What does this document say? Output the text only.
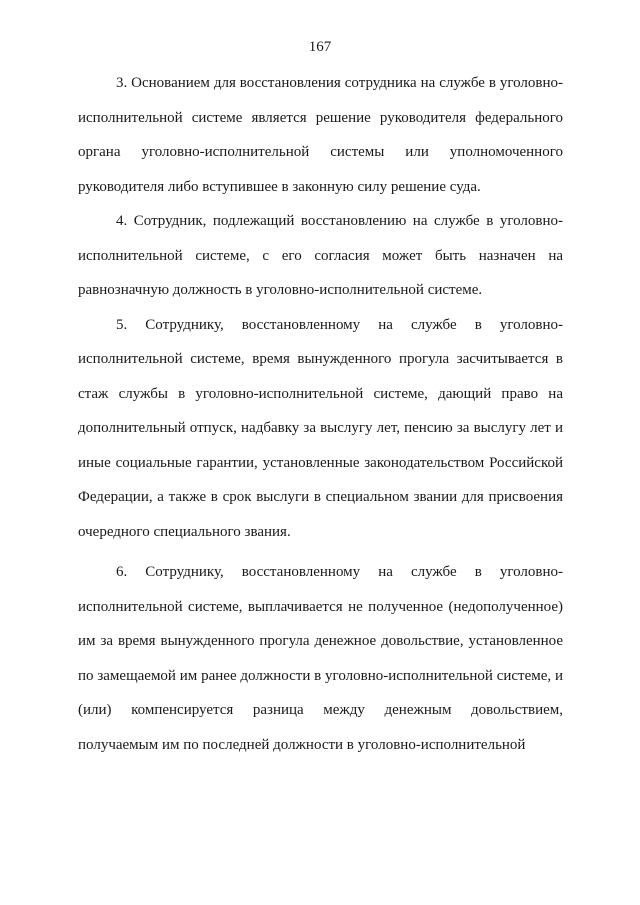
167

3. Основанием для восстановления сотрудника на службе в уголовно-исполнительной системе является решение руководителя федерального органа уголовно-исполнительной системы или уполномоченного руководителя либо вступившее в законную силу решение суда.

4. Сотрудник, подлежащий восстановлению на службе в уголовно-исполнительной системе, с его согласия может быть назначен на равнозначную должность в уголовно-исполнительной системе.

5. Сотруднику, восстановленному на службе в уголовно-исполнительной системе, время вынужденного прогула засчитывается в стаж службы в уголовно-исполнительной системе, дающий право на дополнительный отпуск, надбавку за выслугу лет, пенсию за выслугу лет и иные социальные гарантии, установленные законодательством Российской Федерации, а также в срок выслуги в специальном звании для присвоения очередного специального звания.

6. Сотруднику, восстановленному на службе в уголовно-исполнительной системе, выплачивается не полученное (недополученное) им за время вынужденного прогула денежное довольствие, установленное по замещаемой им ранее должности в уголовно-исполнительной системе, и (или) компенсируется разница между денежным довольствием, получаемым им по последней должности в уголовно-исполнительной
